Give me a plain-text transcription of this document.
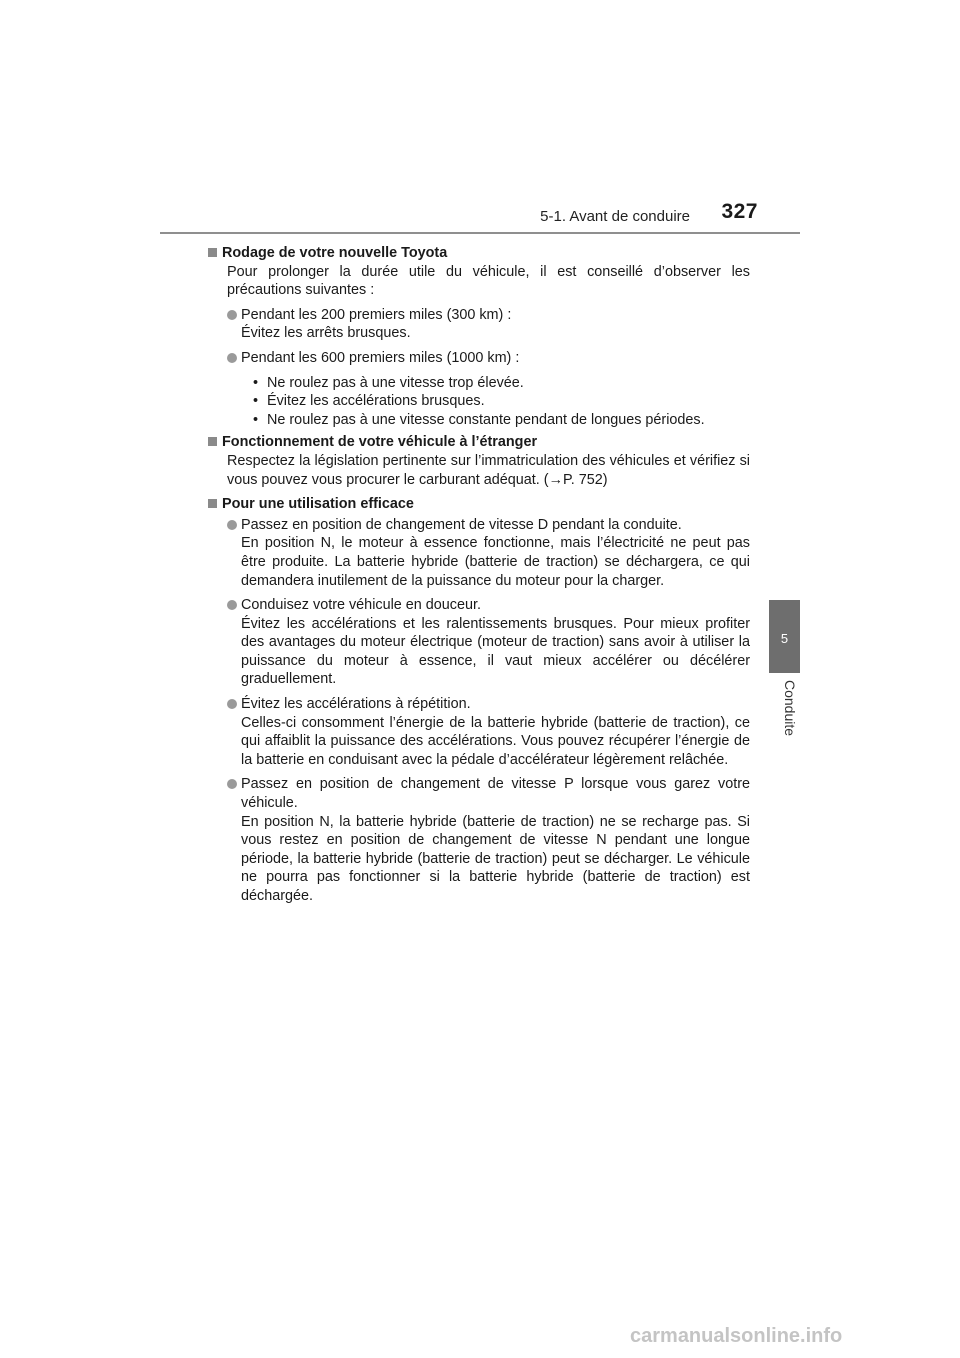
5-1. Avant de conduire 327
5
Conduite
Rodage de votre nouvelle Toyota
Pour prolonger la durée utile du véhicule, il est conseillé d’observer les précautions suivantes :
Pendant les 200 premiers miles (300 km) :
Évitez les arrêts brusques.
Pendant les 600 premiers miles (1000 km) :
• Ne roulez pas à une vitesse trop élevée.
• Évitez les accélérations brusques.
• Ne roulez pas à une vitesse constante pendant de longues périodes.
Fonctionnement de votre véhicule à l’étranger
Respectez la législation pertinente sur l’immatriculation des véhicules et vérifiez si vous pouvez vous procurer le carburant adéquat. (→P. 752)
Pour une utilisation efficace
Passez en position de changement de vitesse D pendant la conduite.
En position N, le moteur à essence fonctionne, mais l’électricité ne peut pas être produite. La batterie hybride (batterie de traction) se déchargera, ce qui demandera inutilement de la puissance du moteur pour la charger.
Conduisez votre véhicule en douceur.
Évitez les accélérations et les ralentissements brusques. Pour mieux profiter des avantages du moteur électrique (moteur de traction) sans avoir à utiliser la puissance du moteur à essence, il vaut mieux accélérer ou décélérer graduellement.
Évitez les accélérations à répétition.
Celles-ci consomment l’énergie de la batterie hybride (batterie de traction), ce qui affaiblit la puissance des accélérations. Vous pouvez récupérer l’énergie de la batterie en conduisant avec la pédale d’accélérateur légèrement relâchée.
Passez en position de changement de vitesse P lorsque vous garez votre véhicule.
En position N, la batterie hybride (batterie de traction) ne se recharge pas. Si vous restez en position de changement de vitesse N pendant une longue période, la batterie hybride (batterie de traction) peut se décharger. Le véhicule ne pourra pas fonctionner si la batterie hybride (batterie de traction) est déchargée.
carmanualsonline.info
